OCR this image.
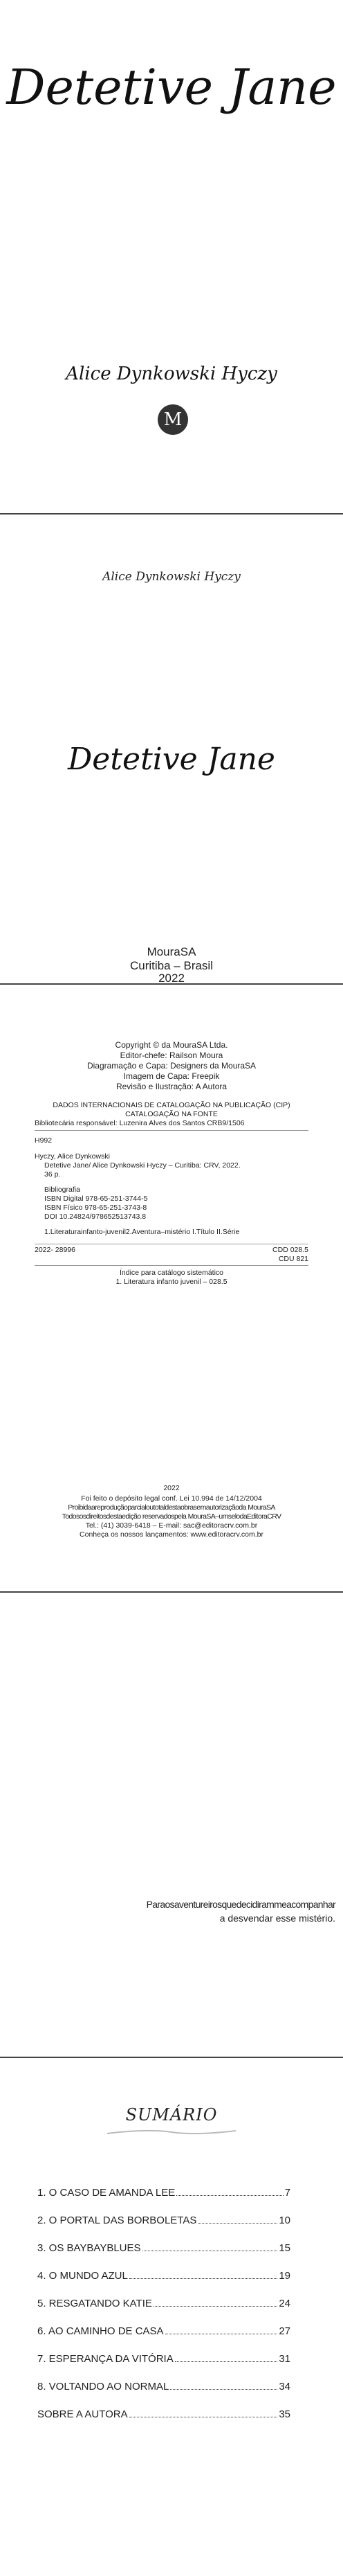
Detetive Jane
Alice Dynkowski Hyczy
M
Alice Dynkowski Hyczy
Detetive Jane
MouraSA
Curitiba – Brasil
2022
Copyright © da MouraSA Ltda.
Editor-chefe: Railson Moura
Diagramação e Capa: Designers da MouraSA
Imagem de Capa: Freepik
Revisão e Ilustração: A Autora
DADOS INTERNACIONAIS DE CATALOGAÇÃO NA PUBLICAÇÃO (CIP)
CATALOGAÇÃO NA FONTE
Bibliotecária responsável: Luzenira Alves dos Santos CRB9/1506
H992
Hyczy, Alice Dynkowski
Detetive Jane/ Alice Dynkowski Hyczy – Curitiba: CRV, 2022.
36 p.
Bibliografia
ISBN Digital 978-65-251-3744-5
ISBN Físico 978-65-251-3743-8
DOI 10.24824/978652513743.8
1.Literaturainfanto-juvenil2.Aventura–mistério I.Título II.Série
2022- 28996	CDD 028.5
CDU 821
Índice para catálogo sistemático
1. Literatura infanto juvenil – 028.5
2022
Foi feito o depósito legal conf. Lei 10.994 de 14/12/2004
Proibidaareproduçãoparcialoutotaldestaobrasemautorizaçãoda MouraSA
Todososdireitosdestaedição reservadospela MouraSA–umselodaEditoraCRV
Tel.: (41) 3039-6418 – E-mail: sac@editoracrv.com.br
Conheça os nossos lançamentos: www.editoracrv.com.br
Paraosaventureirosquedecidirammeacompanhar
a desvendar esse mistério.
SUMÁRIO
1. O CASO DE AMANDA LEE	7
2. O PORTAL DAS BORBOLETAS	10
3. OS BAYBAYBLUES	15
4. O MUNDO AZUL	19
5. RESGATANDO KATIE	24
6. AO CAMINHO DE CASA	27
7. ESPERANÇA DA VITÓRIA	31
8. VOLTANDO AO NORMAL	34
SOBRE A AUTORA	35
